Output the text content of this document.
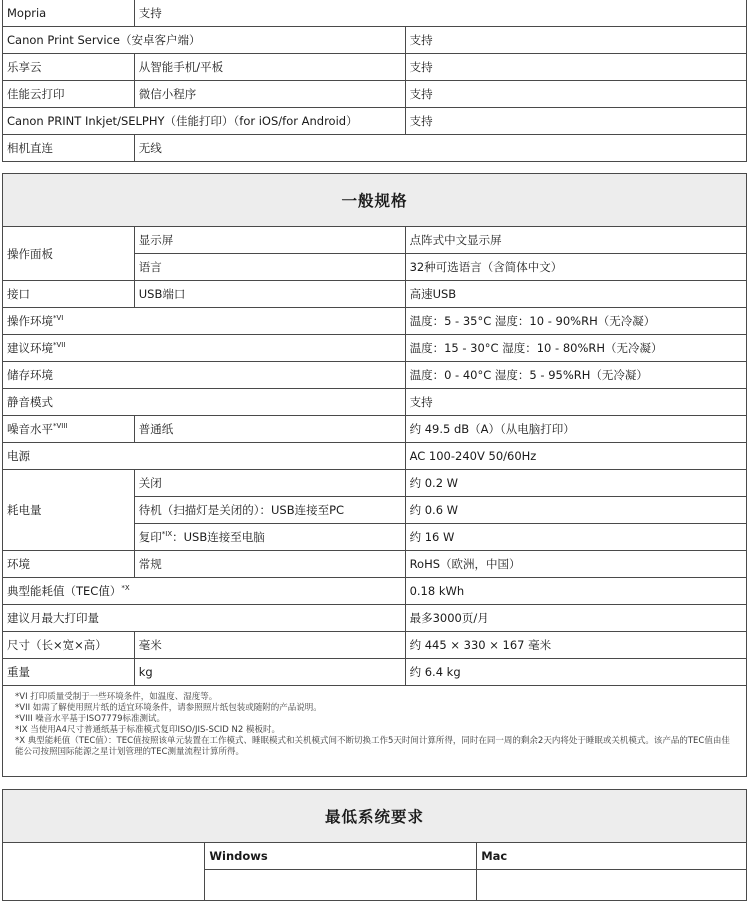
Mopria	支持	
Canon Print Service（安卓客户端）		支持
乐享云	从智能手机/平板	支持
佳能云打印	微信小程序	支持
Canon PRINT Inkjet/SELPHY（佳能打印）（for iOS/for Android）		支持
相机直连	无线	
一般规格		
操作面板	显示屏	点阵式中文显示屏
	语言	32种可选语言（含简体中文）
接口	USB端口	高速USB
操作环境$^{*VI}$		温度：5 - 35°C 湿度：10 - 90%RH（无冷凝）
建议环境$^{*VII}$		温度：15 - 30°C 湿度：10 - 80%RH（无冷凝）
储存环境		温度：0 - 40°C 湿度：5 - 95%RH（无冷凝）
静音模式		支持
噪音水平$^{*VIII}$	普通纸	约 49.5 dB（A）（从电脑打印）
电源		AC 100-240V 50/60Hz
耗电量	关闭	约 0.2 W
	待机（扫描灯是关闭的）：USB连接至PC	约 0.6 W
	复印$^{*IX}$：USB连接至电脑	约 16 W
环境	常规	RoHS（欧洲，中国）
典型能耗值（TEC值）$^{*X}$		0.18 kWh
建议月最大打印量		最多3000页/月
尺寸（长×宽×高）	毫米	约 445 × 330 × 167 毫米
重量	kg	约 6.4 kg

*VI 打印质量受制于一些环境条件，如温度、湿度等。
*VII 如需了解使用照片纸的适宜环境条件，请参照照片纸包装或随附的产品说明。
*VIII 噪音水平基于ISO7779标准测试。
*IX 当使用A4尺寸普通纸基于标准模式复印ISO/JIS-SCID N2 模板时。
*X 典型能耗值（TEC值）：TEC值按照该单元装置在工作模式、睡眠模式和关机模式间不断切换工作5天时间计算所得，同时在同一周的剩余2天内将处于睡眠或关机模式。该产品的TEC值由佳能公司按照国际能源之星计划管理的TEC测量流程计算所得。		
最低系统要求		
	Windows	Mac
